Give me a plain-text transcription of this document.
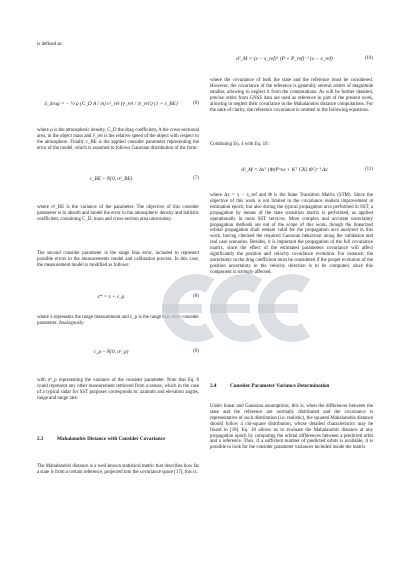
is defined as:

ā_drag = − ½ ρ (C_D A / m) v²_rel (v̄_rel / |v̄_rel|) (1 + ε_BE)	(6)

where ρ is the atmospheric density, C_D the drag coefficient, A the cross-sectional area, m the object mass and v̄_rel is the relative speed of the object with respect to the atmosphere. Finally c_BE is the applied consider parameter representing the error of the model, which is assumed to follows Gaussian distribution of the form:

c_BE ~ N(0, σ²_BE)	(7)

where σ²_BE is the variance of the parameter. The objective of this consider parameter is to absorb and model the error in the atmospheric density and ballistic coefficient, containing C_D, mass and cross-section area uncertainty.

The second consider parameter is the range bias error, included to represent possible errors in the measurements model and calibration process. In this case, the measurement model is modified as follows:

z* = z + c_ρ	(8)

where z represents the range measurement and c_ρ is the range bias error consider parameter. Analogously:

c_ρ ~ N(0, σ²_ρ)	(9)

with σ²_ρ representing the variance of the consider parameter. Note that Eq. 8 could represent any other measurement retrieved from a sensor, which in the case of a typical radar for SST purposes corresponds to: azimuth and elevation angles, range and range rate.

2.3	Mahalanobis Distance with Consider Covariance

The Mahalanobis distance is a well-known statistical metric that describes how far a state is from a certain reference, projected into the covariance space [17], this is:

d²_M = (x − x_ref)ᵀ (P + P_ref)⁻¹ (x − x_ref)	(10)

where the covariance of both the state and the reference must be considered. However, the covariance of the reference is generally several orders of magnitude smaller, allowing to neglect it from the computations. As will be further detailed, precise orbits from GNSS data are used as reference in part of the present work, allowing to neglect their covariance in the Mahalanobis distance computations. For the sake of clarity, the reference covariance is omitted in the following equations.

Combining Eq. 4 with Eq. 10:

d²_M = Δxᵀ (Φ(P^xx + Kᵀ CK) Φᵀ)⁻¹ Δx	(11)

where Δx = x − x_ref and Φ is the State Transition Matrix (STM). Since the objective of this work is not limited to the covariance realism improvement at estimation epoch, but also during the typical propagation arcs performed in SST, a propagation by means of the state transition matrix is performed, as applied operationally in most SST services. More complex and accurate uncertainty propagation methods are out of the scope of this work, though the linearized orbital propagation shall remain valid for the propagation arcs analysed in this work, having checked the required Gaussian behaviour along the validation and real case scenarios. Besides, it is important the propagation of the full covariance matrix, since the effect of the estimated parameters covariance will affect significantly the position and velocity covariance evolution. For instance, the uncertainty in the drag coefficient must be considered if the proper evolution of the position uncertainty in the velocity direction is to be computed, since this component is strongly affected.

2.4	Consider Parameter Variance Determination

Under linear and Gaussian assumptions, this is, when the differences between the state and the reference are normally distributed and the covariance is representative of such distribution (i.e. realistic), the squared Mahalanobis distance should follow a chi-square distribution, whose detailed characteristics may be found in [18]. Eq. 10 allows us to evaluate the Mahalanobis distance at any propagation epoch by computing the orbital differences between a predicted orbit and a reference. Thus, if a sufficient number of predicted orbits is available, it is possible to look for the consider parameter variances included inside the matrix
